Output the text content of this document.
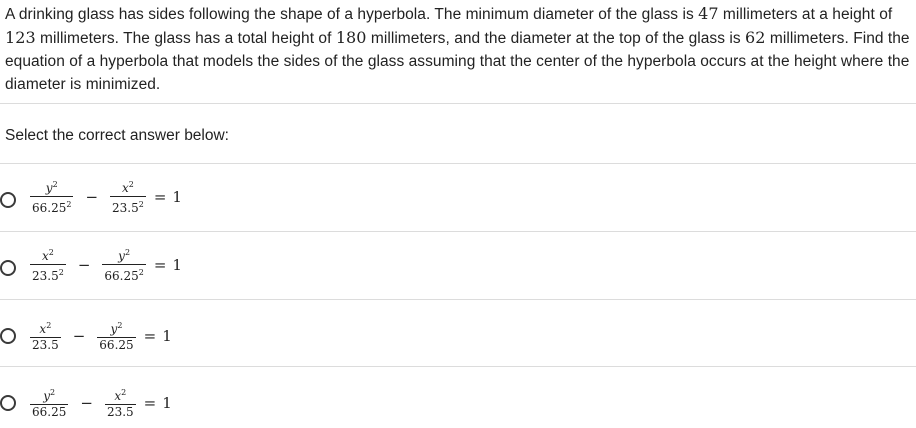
A drinking glass has sides following the shape of a hyperbola. The minimum diameter of the glass is 47 millimeters at a height of 123 millimeters. The glass has a total height of 180 millimeters, and the diameter at the top of the glass is 62 millimeters. Find the equation of a hyperbola that models the sides of the glass assuming that the center of the hyperbola occurs at the height where the diameter is minimized.
Select the correct answer below:
$\frac{y^2}{66.25^2} - \frac{x^2}{23.5^2} = 1$
$\frac{x^2}{23.5^2} - \frac{y^2}{66.25^2} = 1$
$\frac{x^2}{23.5} - \frac{y^2}{66.25} = 1$
$\frac{y^2}{66.25} - \frac{x^2}{23.5} = 1$
